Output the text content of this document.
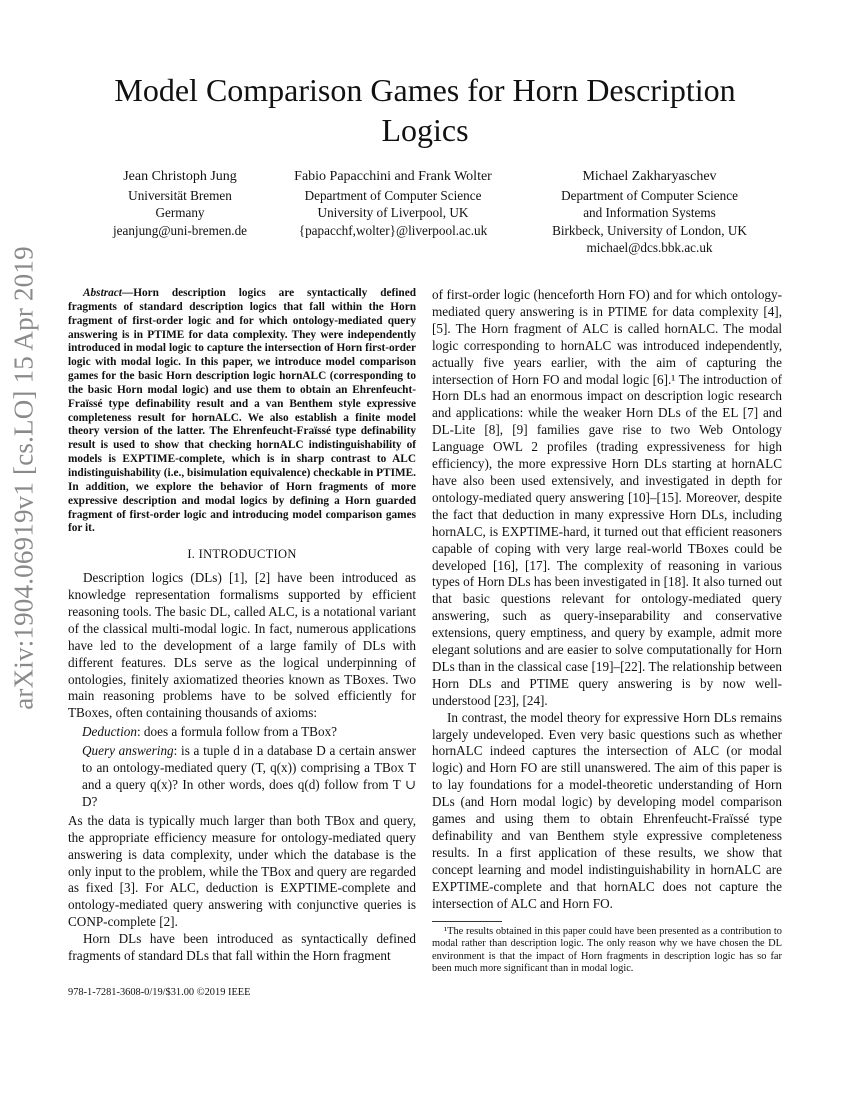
arXiv:1904.06919v1 [cs.LO] 15 Apr 2019
Model Comparison Games for Horn Description Logics
Jean Christoph Jung
Universität Bremen
Germany
jeanjung@uni-bremen.de
Fabio Papacchini and Frank Wolter
Department of Computer Science
University of Liverpool, UK
{papacchf,wolter}@liverpool.ac.uk
Michael Zakharyaschev
Department of Computer Science
and Information Systems
Birkbeck, University of London, UK
michael@dcs.bbk.ac.uk

Abstract—Horn description logics are syntactically defined fragments of standard description logics that fall within the Horn fragment of first-order logic and for which ontology-mediated query answering is in PTIME for data complexity. They were independently introduced in modal logic to capture the intersection of Horn first-order logic with modal logic. In this paper, we introduce model comparison games for the basic Horn description logic hornALC (corresponding to the basic Horn modal logic) and use them to obtain an Ehrenfeucht-Fraïssé type definability result and a van Benthem style expressive completeness result for hornALC. We also establish a finite model theory version of the latter. The Ehrenfeucht-Fraïssé type definability result is used to show that checking hornALC indistinguishability of models is EXPTIME-complete, which is in sharp contrast to ALC indistinguishability (i.e., bisimulation equivalence) checkable in PTIME. In addition, we explore the behavior of Horn fragments of more expressive description and modal logics by defining a Horn guarded fragment of first-order logic and introducing model comparison games for it.

I. INTRODUCTION

Description logics (DLs) [1], [2] have been introduced as knowledge representation formalisms supported by efficient reasoning tools. The basic DL, called ALC, is a notational variant of the classical multi-modal logic. In fact, numerous applications have led to the development of a large family of DLs with different features. DLs serve as the logical underpinning of ontologies, finitely axiomatized theories known as TBoxes. Two main reasoning problems have to be solved efficiently for TBoxes, often containing thousands of axioms:

Deduction: does a formula follow from a TBox?

Query answering: is a tuple d in a database D a certain answer to an ontology-mediated query (T, q(x)) comprising a TBox T and a query q(x)? In other words, does q(d) follow from T ∪ D?

As the data is typically much larger than both TBox and query, the appropriate efficiency measure for ontology-mediated query answering is data complexity, under which the database is the only input to the problem, while the TBox and query are regarded as fixed [3]. For ALC, deduction is EXPTIME-complete and ontology-mediated query answering with conjunctive queries is CONP-complete [2].

Horn DLs have been introduced as syntactically defined fragments of standard DLs that fall within the Horn fragment

of first-order logic (henceforth Horn FO) and for which ontology-mediated query answering is in PTIME for data complexity [4], [5]. The Horn fragment of ALC is called hornALC. The modal logic corresponding to hornALC was introduced independently, actually five years earlier, with the aim of capturing the intersection of Horn FO and modal logic [6].¹ The introduction of Horn DLs had an enormous impact on description logic research and applications: while the weaker Horn DLs of the EL [7] and DL-Lite [8], [9] families gave rise to two Web Ontology Language OWL 2 profiles (trading expressiveness for high efficiency), the more expressive Horn DLs starting at hornALC have also been used extensively, and investigated in depth for ontology-mediated query answering [10]–[15]. Moreover, despite the fact that deduction in many expressive Horn DLs, including hornALC, is EXPTIME-hard, it turned out that efficient reasoners capable of coping with very large real-world TBoxes could be developed [16], [17]. The complexity of reasoning in various types of Horn DLs has been investigated in [18]. It also turned out that basic questions relevant for ontology-mediated query answering, such as query-inseparability and conservative extensions, query emptiness, and query by example, admit more elegant solutions and are easier to solve computationally for Horn DLs than in the classical case [19]–[22]. The relationship between Horn DLs and PTIME query answering is by now well-understood [23], [24].

In contrast, the model theory for expressive Horn DLs remains largely undeveloped. Even very basic questions such as whether hornALC indeed captures the intersection of ALC (or modal logic) and Horn FO are still unanswered. The aim of this paper is to lay foundations for a model-theoretic understanding of Horn DLs (and Horn modal logic) by developing model comparison games and using them to obtain Ehrenfeucht-Fraïssé type definability and van Benthem style expressive completeness results. In a first application of these results, we show that concept learning and model indistinguishability in hornALC are EXPTIME-complete and that hornALC does not capture the intersection of ALC and Horn FO.

¹The results obtained in this paper could have been presented as a contribution to modal rather than description logic. The only reason why we have chosen the DL environment is that the impact of Horn fragments in description logic has so far been much more significant than in modal logic.

978-1-7281-3608-0/19/$31.00 ©2019 IEEE
